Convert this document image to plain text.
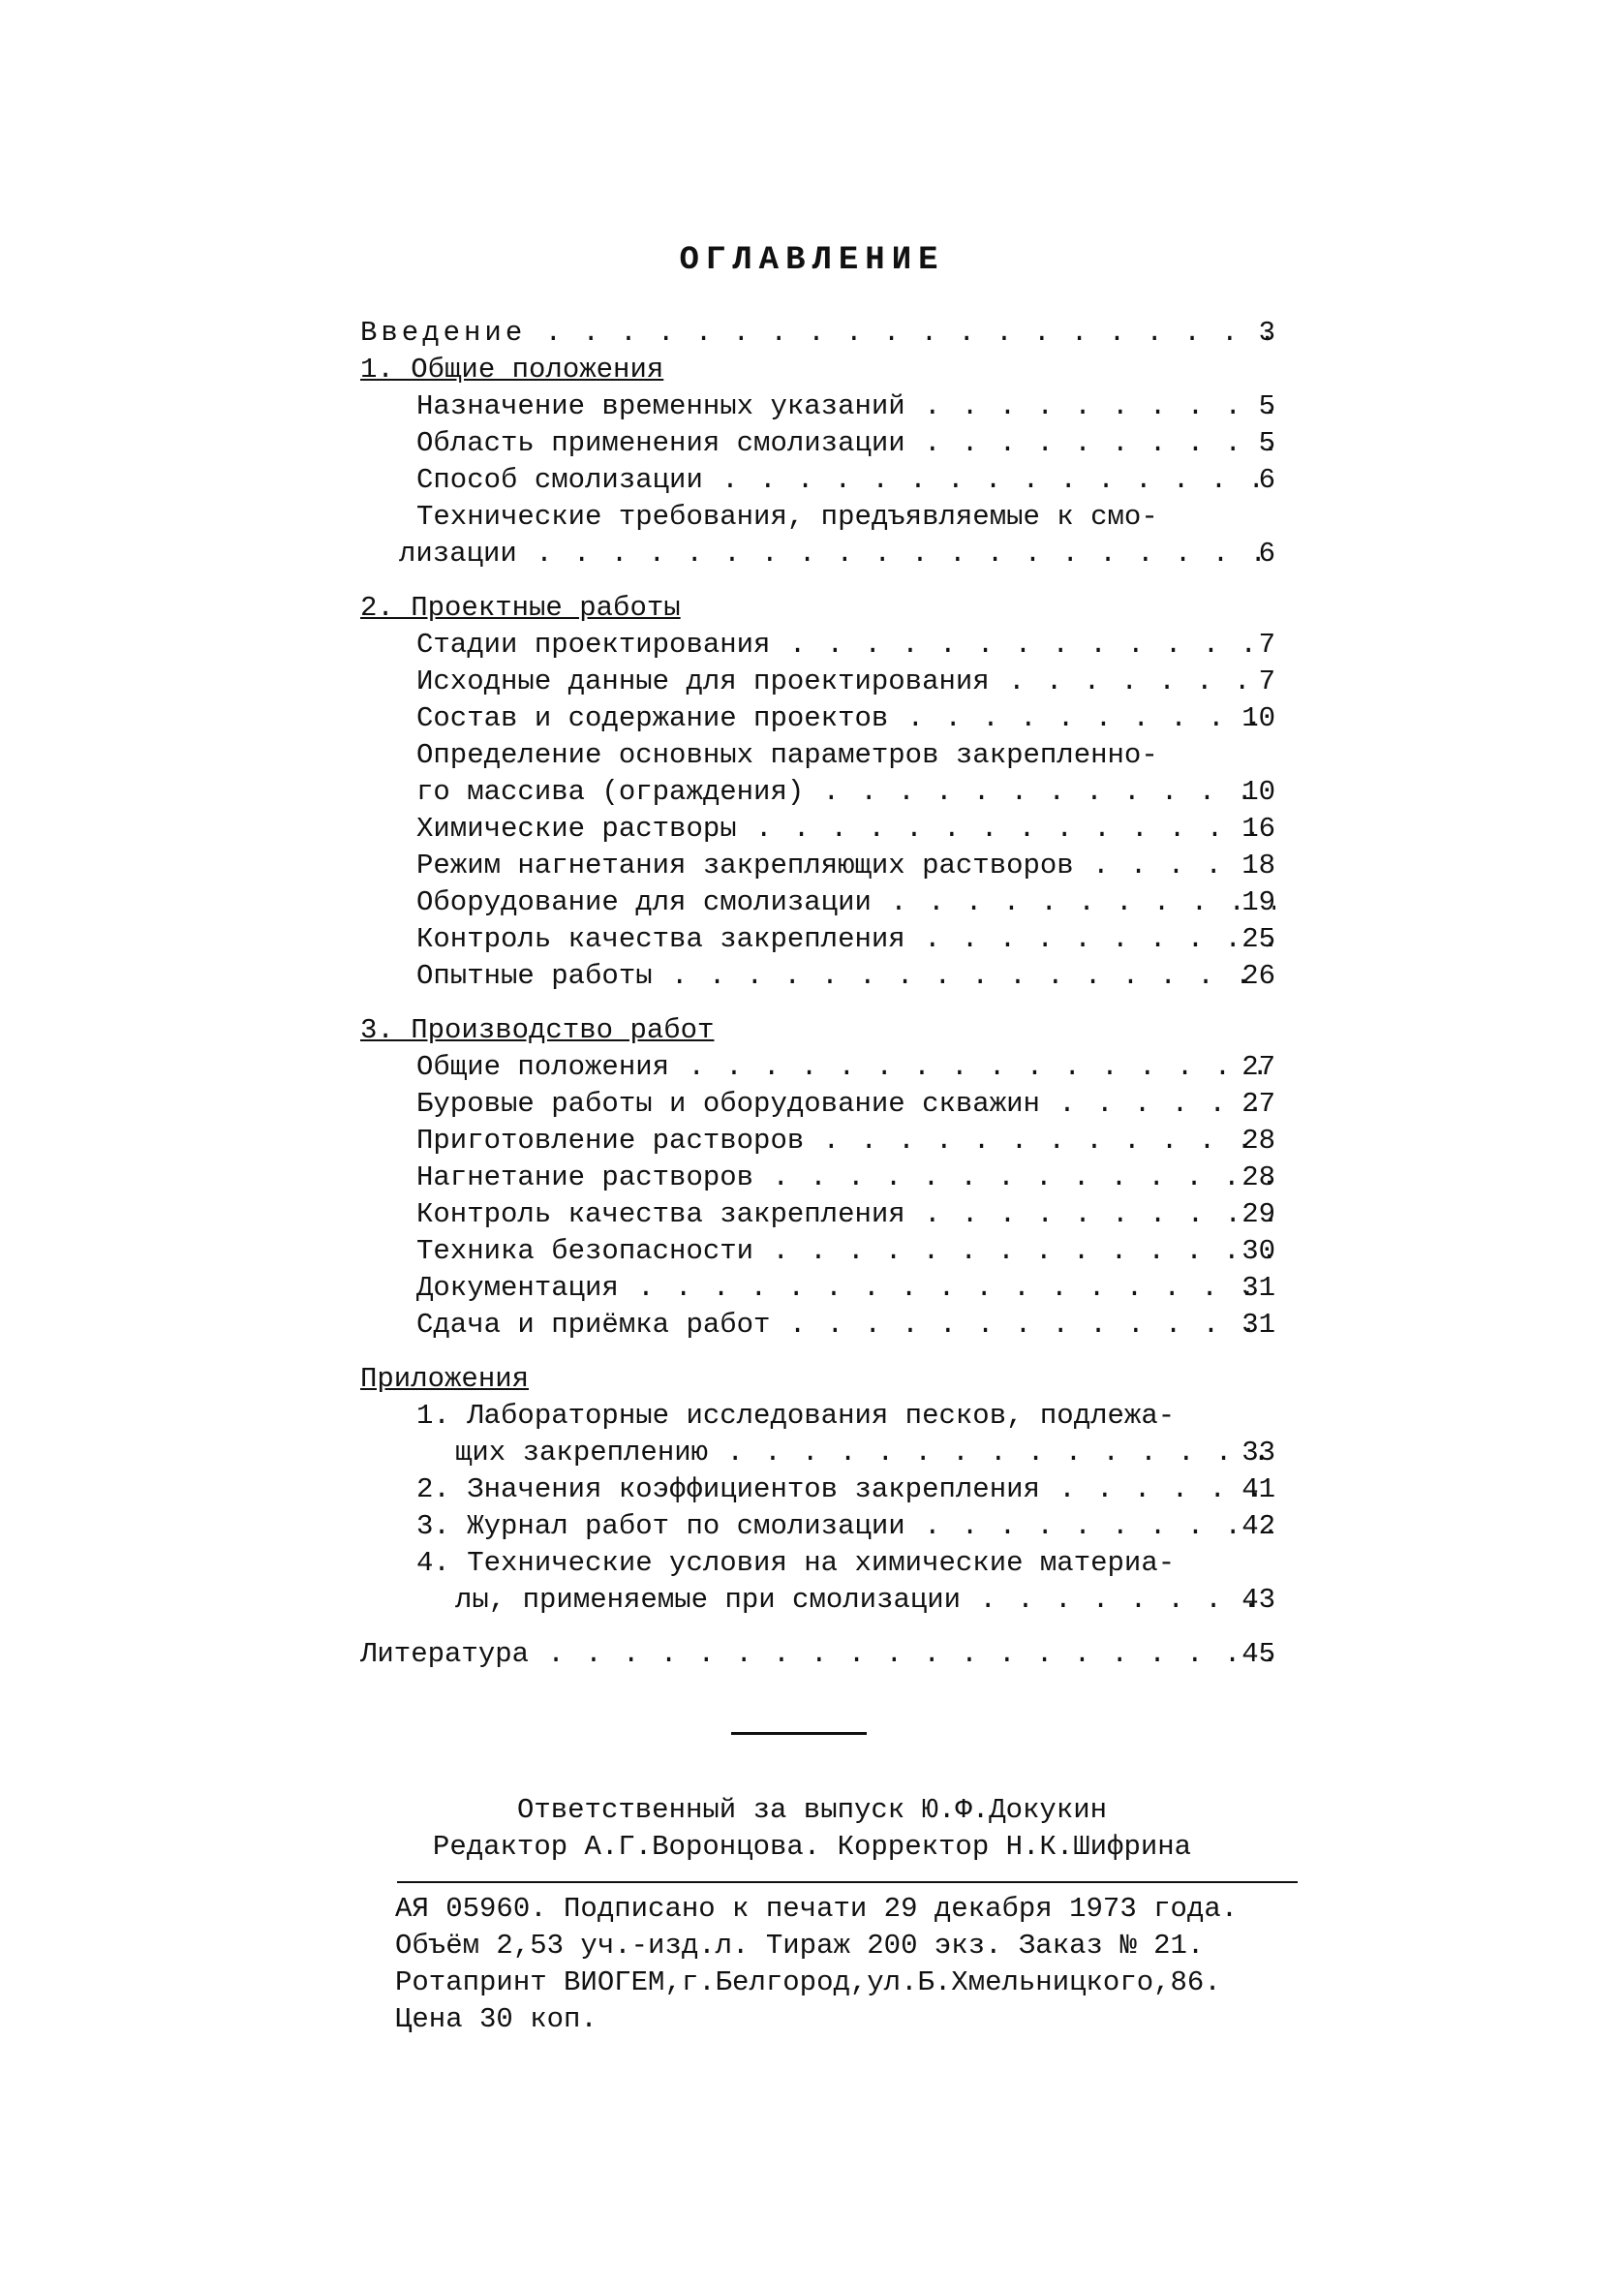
ОГЛАВЛЕНИЕ
Введение . . .	3
1. Общие положения
Назначение временных указаний . . .	5
Область применения смолизации . . .	5
Способ смолизации . . .	6
Технические требования, предъявляемые к смо-
лизации . . .	6
2. Проектные работы
Стадии проектирования . . .	7
Исходные данные для проектирования . . .	7
Состав и содержание проектов . . .	10
Определение основных параметров закрепленно-
го массива (ограждения) . . .	10
Химические растворы . . .	16
Режим нагнетания закрепляющих растворов . . .	18
Оборудование для смолизации . . .	19
Контроль качества закрепления . . .	25
Опытные работы . . .	26
3. Производство работ
Общие положения . . .	27
Буровые работы и оборудование скважин . . .	27
Приготовление растворов . . .	28
Нагнетание растворов . . .	28
Контроль качества закрепления . . .	29
Техника безопасности . . .	30
Документация . . .	31
Сдача и приёмка работ . . .	31
Приложения
1. Лабораторные исследования песков, подлежа-
щих закреплению . . .	33
2. Значения коэффициентов закрепления . . .	41
3. Журнал работ по смолизации . . .	42
4. Технические условия на химические материа-
лы, применяемые при смолизации . . .	43
Литература . . .	45
Ответственный за выпуск Ю.Ф.Докукин
Редактор А.Г.Воронцова. Корректор Н.К.Шифрина
АЯ 05960. Подписано к печати 29 декабря 1973 года.
Объём 2,53 уч.-изд.л. Тираж 200 экз. Заказ № 21.
Ротапринт ВИОГЕМ,г.Белгород,ул.Б.Хмельницкого,86.
Цена 30 коп.
